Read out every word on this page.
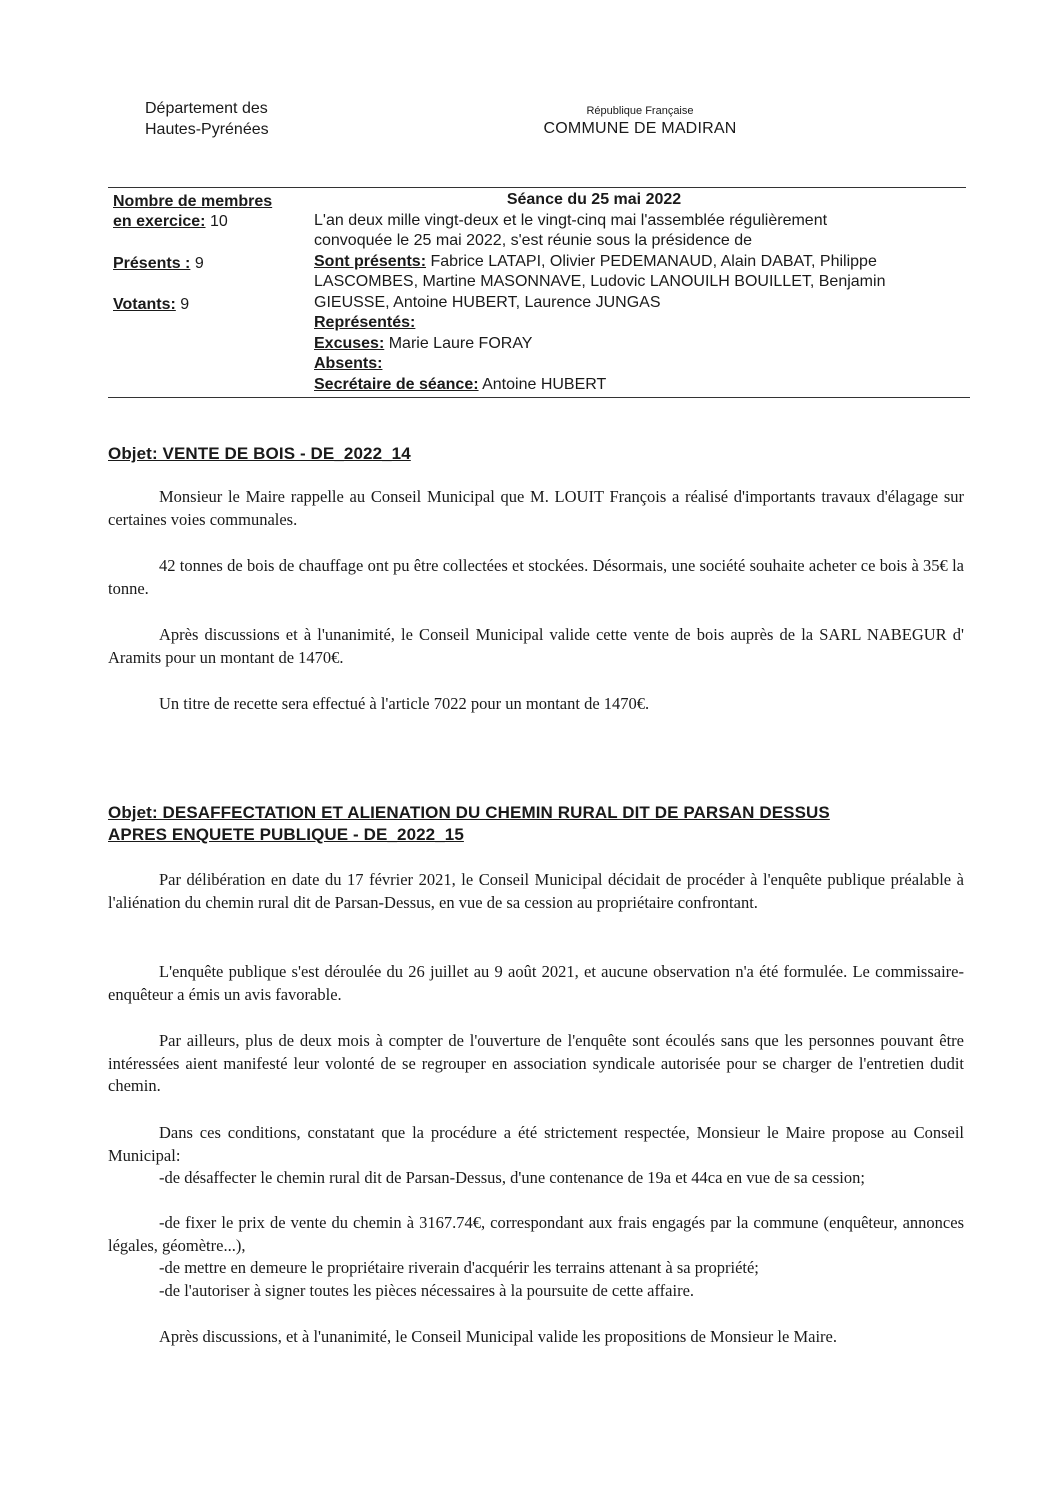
Département des
Hautes-Pyrénées
République Française
COMMUNE DE MADIRAN
Nombre de membres
en exercice: 10
Présents : 9
Votants: 9
Séance du 25 mai 2022
L'an deux mille vingt-deux et le vingt-cinq mai l'assemblée régulièrement
convoquée le 25 mai 2022, s'est réunie sous la présidence de
Sont présents: Fabrice LATAPI, Olivier PEDEMANAUD, Alain DABAT, Philippe
LASCOMBES, Martine MASONNAVE, Ludovic LANOUILH BOUILLET, Benjamin
GIEUSSE, Antoine HUBERT, Laurence JUNGAS
Représentés:
Excuses: Marie Laure FORAY
Absents:
Secrétaire de séance: Antoine HUBERT
Objet: VENTE DE BOIS - DE_2022_14
Monsieur le Maire rappelle au Conseil Municipal que M. LOUIT François a réalisé d'importants travaux d'élagage sur certaines voies communales.
42 tonnes de bois de chauffage ont pu être collectées et stockées. Désormais, une société souhaite acheter ce bois à 35€ la tonne.
Après discussions et à l'unanimité, le Conseil Municipal valide cette vente de bois auprès de la SARL NABEGUR d' Aramits pour un montant de 1470€.
Un titre de recette sera effectué à l'article 7022 pour un montant de 1470€.
Objet: DESAFFECTATION ET ALIENATION DU CHEMIN RURAL DIT DE PARSAN DESSUS
APRES ENQUETE PUBLIQUE - DE_2022_15
Par délibération en date du 17 février 2021, le Conseil Municipal décidait de procéder à l'enquête publique préalable à l'aliénation du chemin rural dit de Parsan-Dessus, en vue de sa cession au propriétaire confrontant.
L'enquête publique s'est déroulée du 26 juillet au 9 août 2021, et aucune observation n'a été formulée. Le commissaire-enquêteur a émis un avis favorable.
Par ailleurs, plus de deux mois à compter de l'ouverture de l'enquête sont écoulés sans que les personnes pouvant être intéressées aient manifesté leur volonté de se regrouper en association syndicale autorisée pour se charger de l'entretien dudit chemin.
Dans ces conditions, constatant que la procédure a été strictement respectée, Monsieur le Maire propose au Conseil Municipal:
-de désaffecter le chemin rural dit de Parsan-Dessus, d'une contenance de 19a et 44ca en vue de sa cession;
-de fixer le prix de vente du chemin à 3167.74€, correspondant aux frais engagés par la commune (enquêteur, annonces légales, géomètre...),
-de mettre en demeure le propriétaire riverain d'acquérir les terrains attenant à sa propriété;
-de l'autoriser à signer toutes les pièces nécessaires à la poursuite de cette affaire.
Après discussions, et à l'unanimité, le Conseil Municipal valide les propositions de Monsieur le Maire.
